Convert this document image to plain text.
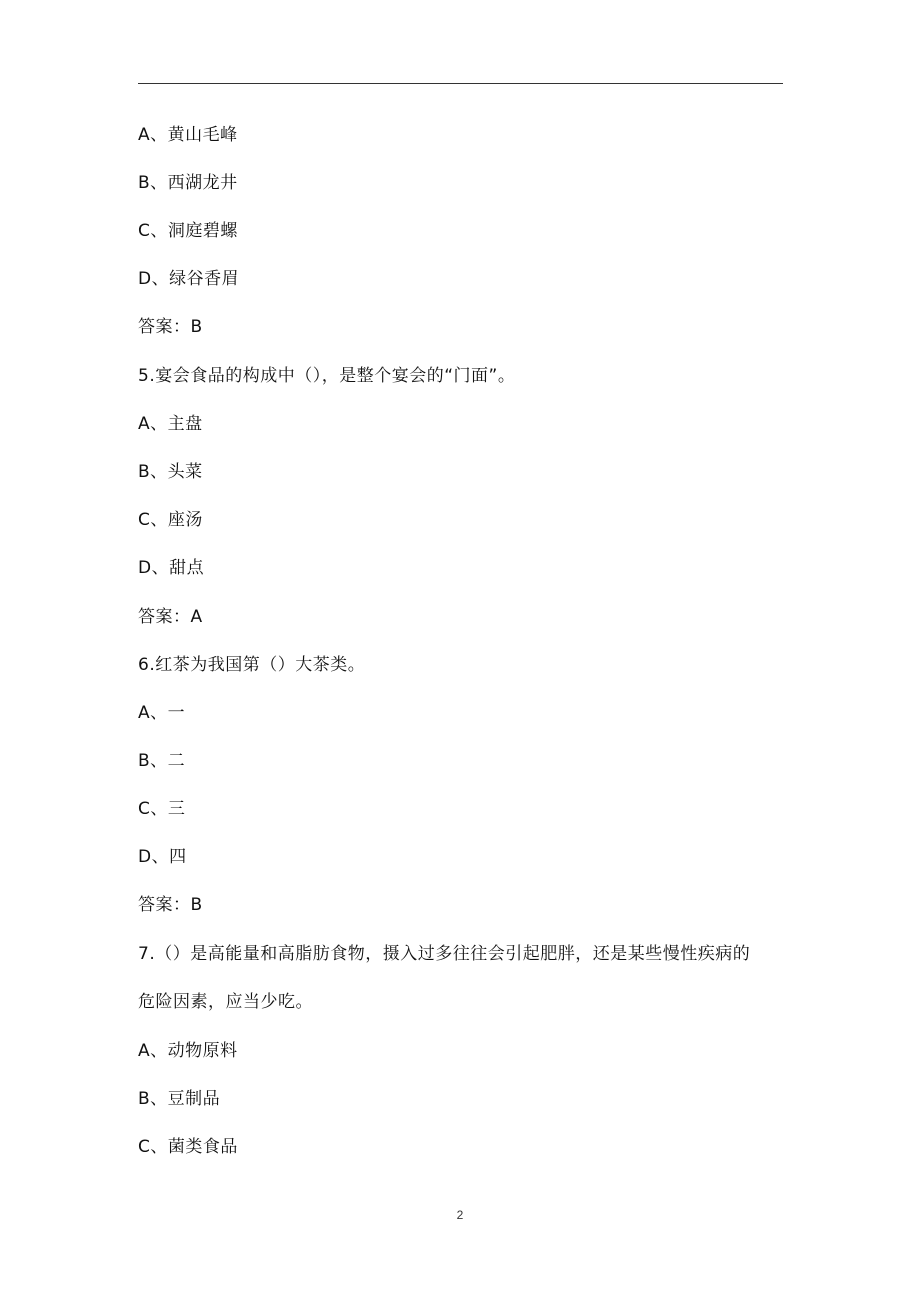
A、黄山毛峰
B、西湖龙井
C、洞庭碧螺
D、绿谷香眉
答案：B
5.宴会食品的构成中（），是整个宴会的“门面”。
A、主盘
B、头菜
C、座汤
D、甜点
答案：A
6.红茶为我国第（）大茶类。
A、一
B、二
C、三
D、四
答案：B
7.（）是高能量和高脂肪食物，摄入过多往往会引起肥胖，还是某些慢性疾病的
危险因素，应当少吃。
A、动物原料
B、豆制品
C、菌类食品
2
